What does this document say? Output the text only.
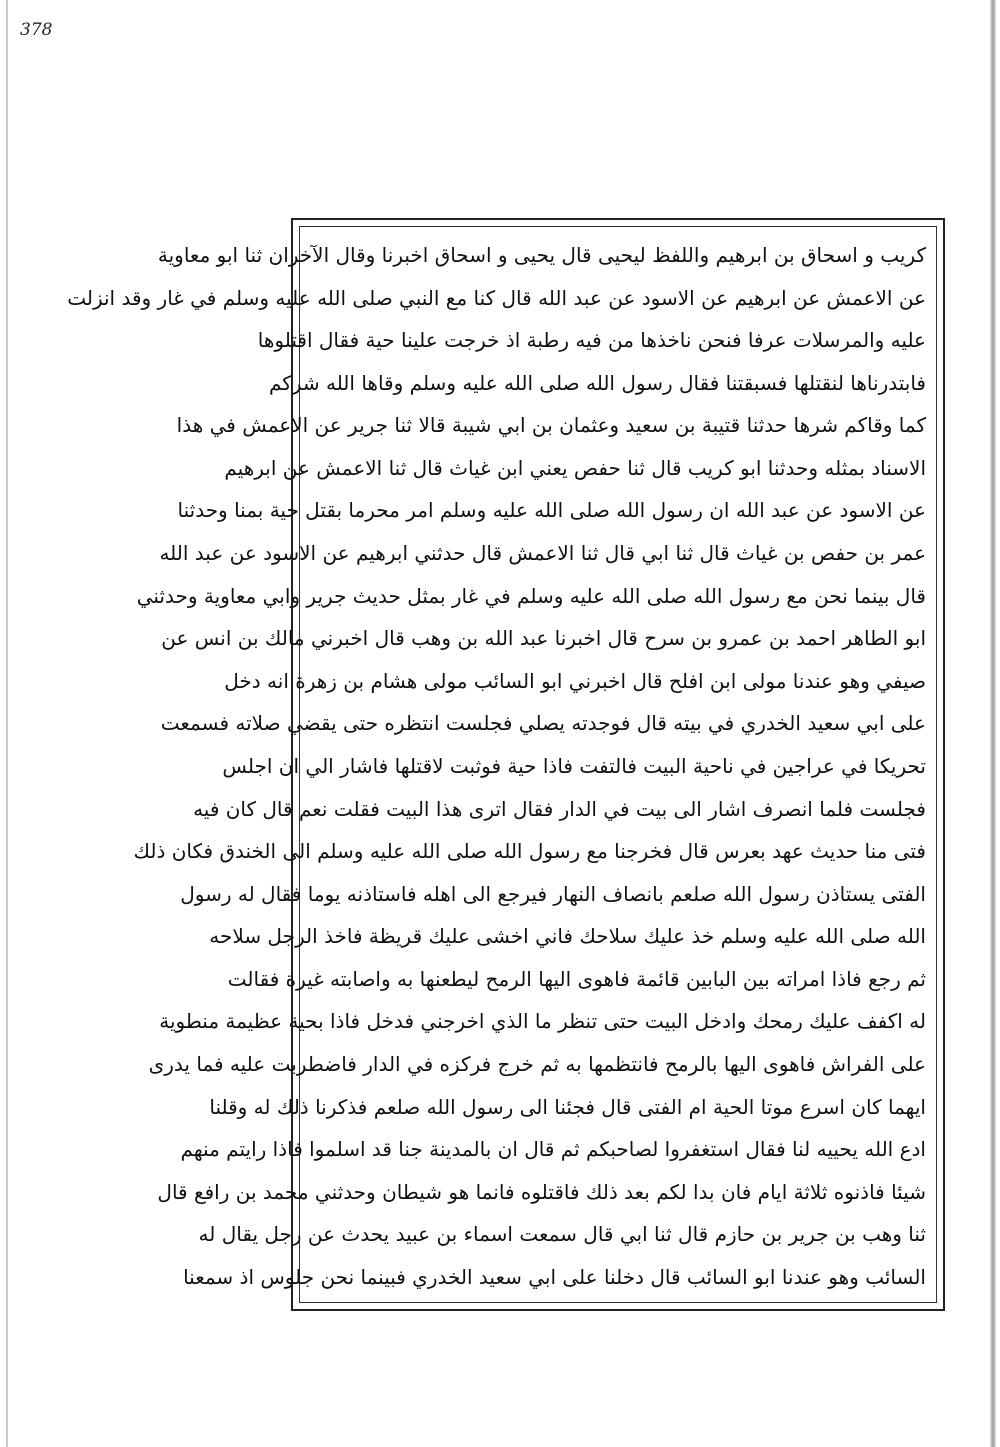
378
كريب و اسحاق بن ابرهيم واللفظ ليحيى قال يحيى و اسحاق اخبرنا وقال الآخران ثنا ابو معاوية
عن الاعمش عن ابرهيم عن الاسود عن عبد الله قال كنا مع النبي صلى الله عليه وسلم في غار وقد انزلت
عليه والمرسلات عرفا فنحن ناخذها من فيه رطبة اذ خرجت علينا حية فقال اقتلوها
فابتدرناها لنقتلها فسبقتنا فقال رسول الله صلى الله عليه وسلم وقاها الله شركم
كما وقاكم شرها حدثنا قتيبة بن سعيد وعثمان بن ابي شيبة قالا ثنا جرير عن الاعمش في هذا
الاسناد بمثله وحدثنا ابو كريب قال ثنا حفص يعني ابن غياث قال ثنا الاعمش عن ابرهيم
عن الاسود عن عبد الله ان رسول الله صلى الله عليه وسلم امر محرما بقتل حية بمنا وحدثنا
عمر بن حفص بن غياث قال ثنا ابي قال ثنا الاعمش قال حدثني ابرهيم عن الاسود عن عبد الله
قال بينما نحن مع رسول الله صلى الله عليه وسلم في غار بمثل حديث جرير وابي معاوية وحدثني
ابو الطاهر احمد بن عمرو بن سرح قال اخبرنا عبد الله بن وهب قال اخبرني مالك بن انس عن
صيفي وهو عندنا مولى ابن افلح قال اخبرني ابو السائب مولى هشام بن زهرة انه دخل
على ابي سعيد الخدري في بيته قال فوجدته يصلي فجلست انتظره حتى يقضي صلاته فسمعت
تحريكا في عراجين في ناحية البيت فالتفت فاذا حية فوثبت لاقتلها فاشار الي ان اجلس
فجلست فلما انصرف اشار الى بيت في الدار فقال اترى هذا البيت فقلت نعم قال كان فيه
فتى منا حديث عهد بعرس قال فخرجنا مع رسول الله صلى الله عليه وسلم الى الخندق فكان ذلك
الفتى يستاذن رسول الله صلعم بانصاف النهار فيرجع الى اهله فاستاذنه يوما فقال له رسول
الله صلى الله عليه وسلم خذ عليك سلاحك فاني اخشى عليك قريظة فاخذ الرجل سلاحه
ثم رجع فاذا امراته بين البابين قائمة فاهوى اليها الرمح ليطعنها به واصابته غيرة فقالت
له اكفف عليك رمحك وادخل البيت حتى تنظر ما الذي اخرجني فدخل فاذا بحية عظيمة منطوية
على الفراش فاهوى اليها بالرمح فانتظمها به ثم خرج فركزه في الدار فاضطربت عليه فما يدرى
ايهما كان اسرع موتا الحية ام الفتى قال فجئنا الى رسول الله صلعم فذكرنا ذلك له وقلنا
ادع الله يحييه لنا فقال استغفروا لصاحبكم ثم قال ان بالمدينة جنا قد اسلموا فاذا رايتم منهم
شيئا فاذنوه ثلاثة ايام فان بدا لكم بعد ذلك فاقتلوه فانما هو شيطان وحدثني محمد بن رافع قال
ثنا وهب بن جرير بن حازم قال ثنا ابي قال سمعت اسماء بن عبيد يحدث عن رجل يقال له
السائب وهو عندنا ابو السائب قال دخلنا على ابي سعيد الخدري فبينما نحن جلوس اذ سمعنا
